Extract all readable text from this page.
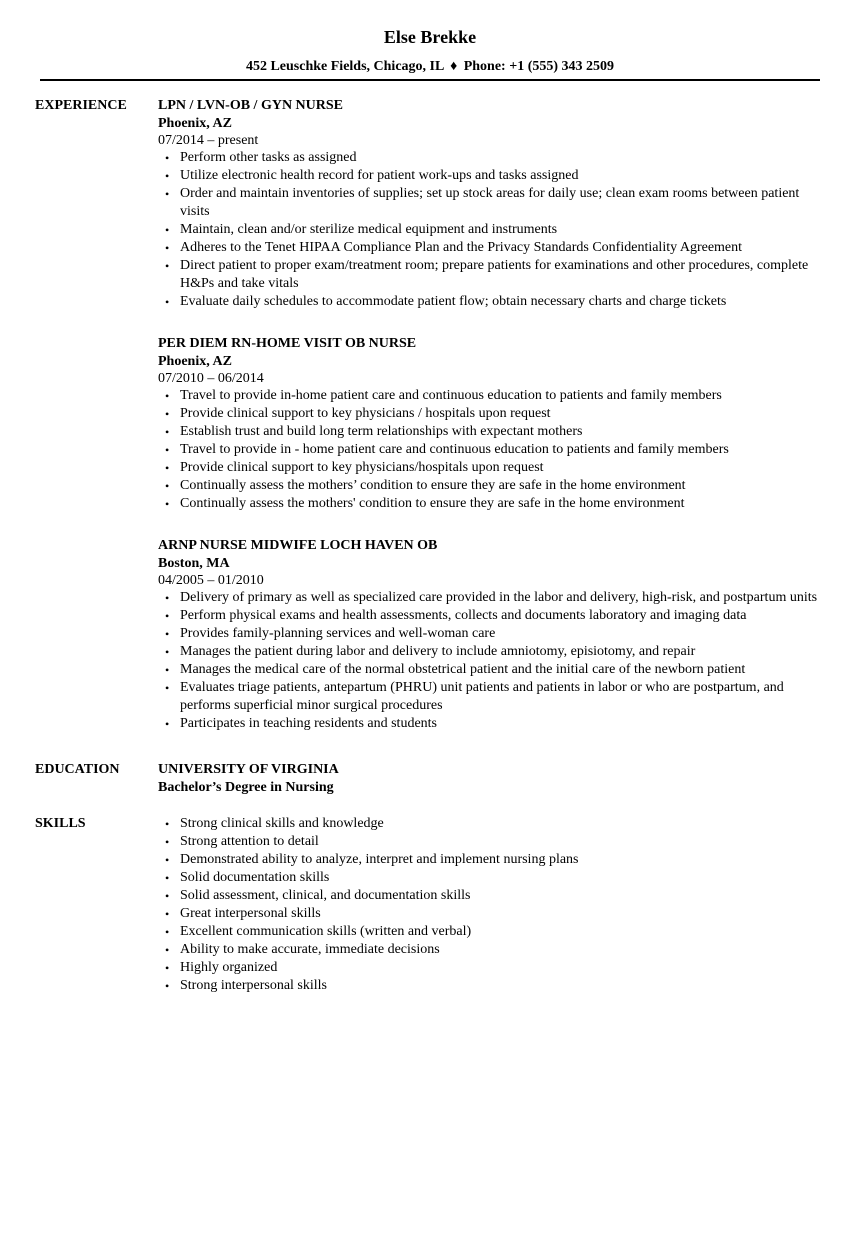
Else Brekke
452 Leuschke Fields, Chicago, IL ♦ Phone: +1 (555) 343 2509
EXPERIENCE	LPN / LVN-OB / GYN NURSE
Phoenix, AZ
07/2014 – present
• Perform other tasks as assigned
• Utilize electronic health record for patient work-ups and tasks assigned
• Order and maintain inventories of supplies; set up stock areas for daily use; clean exam rooms between patient visits
• Maintain, clean and/or sterilize medical equipment and instruments
• Adheres to the Tenet HIPAA Compliance Plan and the Privacy Standards Confidentiality Agreement
• Direct patient to proper exam/treatment room; prepare patients for examinations and other procedures, complete H&Ps and take vitals
• Evaluate daily schedules to accommodate patient flow; obtain necessary charts and charge tickets
PER DIEM RN-HOME VISIT OB NURSE
Phoenix, AZ
07/2010 – 06/2014
• Travel to provide in-home patient care and continuous education to patients and family members
• Provide clinical support to key physicians / hospitals upon request
• Establish trust and build long term relationships with expectant mothers
• Travel to provide in - home patient care and continuous education to patients and family members
• Provide clinical support to key physicians/hospitals upon request
• Continually assess the mothers’ condition to ensure they are safe in the home environment
• Continually assess the mothers' condition to ensure they are safe in the home environment
ARNP NURSE MIDWIFE LOCH HAVEN OB
Boston, MA
04/2005 – 01/2010
• Delivery of primary as well as specialized care provided in the labor and delivery, high-risk, and postpartum units
• Perform physical exams and health assessments, collects and documents laboratory and imaging data
• Provides family-planning services and well-woman care
• Manages the patient during labor and delivery to include amniotomy, episiotomy, and repair
• Manages the medical care of the normal obstetrical patient and the initial care of the newborn patient
• Evaluates triage patients, antepartum (PHRU) unit patients and patients in labor or who are postpartum, and performs superficial minor surgical procedures
• Participates in teaching residents and students
EDUCATION	UNIVERSITY OF VIRGINIA
Bachelor’s Degree in Nursing
SKILLS
•	Strong clinical skills and knowledge
• Strong attention to detail
• Demonstrated ability to analyze, interpret and implement nursing plans
• Solid documentation skills
• Solid assessment, clinical, and documentation skills
• Great interpersonal skills
• Excellent communication skills (written and verbal)
• Ability to make accurate, immediate decisions
• Highly organized
• Strong interpersonal skills
